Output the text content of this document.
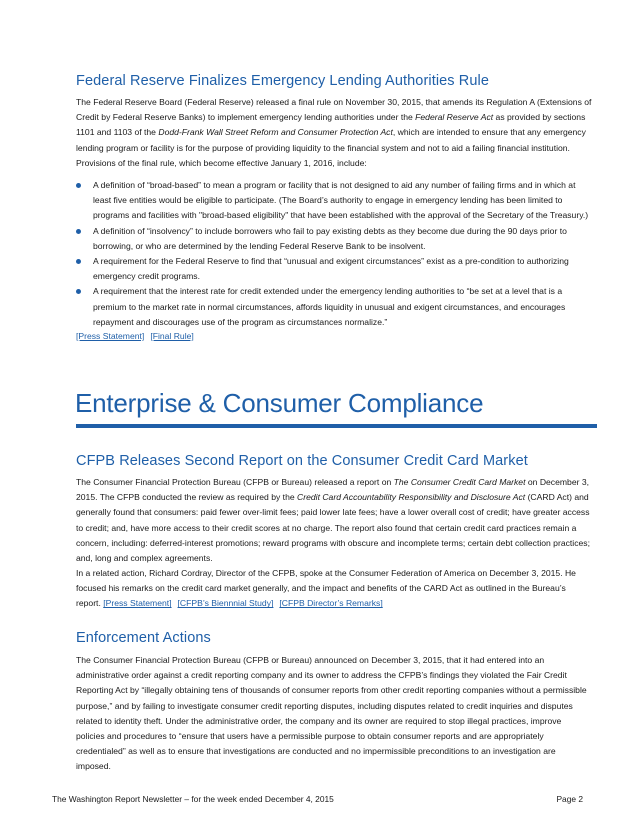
Federal Reserve Finalizes Emergency Lending Authorities Rule

The Federal Reserve Board (Federal Reserve) released a final rule on November 30, 2015, that amends its Regulation A (Extensions of Credit by Federal Reserve Banks) to implement emergency lending authorities under the Federal Reserve Act as provided by sections 1101 and 1103 of the Dodd-Frank Wall Street Reform and Consumer Protection Act, which are intended to ensure that any emergency lending program or facility is for the purpose of providing liquidity to the financial system and not to aid a failing financial institution. Provisions of the final rule, which become effective January 1, 2016, include:

A definition of “broad-based” to mean a program or facility that is not designed to aid any number of failing firms and in which at least five entities would be eligible to participate. (The Board’s authority to engage in emergency lending has been limited to programs and facilities with "broad-based eligibility" that have been established with the approval of the Secretary of the Treasury.)
A definition of “insolvency” to include borrowers who fail to pay existing debts as they become due during the 90 days prior to borrowing, or who are determined by the lending Federal Reserve Bank to be insolvent.
A requirement for the Federal Reserve to find that “unusual and exigent circumstances” exist as a pre-condition to authorizing emergency credit programs.
A requirement that the interest rate for credit extended under the emergency lending authorities to “be set at a level that is a premium to the market rate in normal circumstances, affords liquidity in unusual and exigent circumstances, and encourages repayment and discourages use of the program as circumstances normalize.”
[Press Statement] [Final Rule]
Enterprise & Consumer Compliance
CFPB Releases Second Report on the Consumer Credit Card Market

The Consumer Financial Protection Bureau (CFPB or Bureau) released a report on The Consumer Credit Card Market on December 3, 2015. The CFPB conducted the review as required by the Credit Card Accountability Responsibility and Disclosure Act (CARD Act) and generally found that consumers: paid fewer over-limit fees; paid lower late fees; have a lower overall cost of credit; have greater access to credit; and, have more access to their credit scores at no charge. The report also found that certain credit card practices remain a concern, including: deferred-interest promotions; reward programs with obscure and incomplete terms; certain debt collection practices; and, long and complex agreements.

In a related action, Richard Cordray, Director of the CFPB, spoke at the Consumer Federation of America on December 3, 2015. He focused his remarks on the credit card market generally, and the impact and benefits of the CARD Act as outlined in the Bureau’s report. [Press Statement] [CFPB’s Biennnial Study] [CFPB Director’s Remarks]

Enforcement Actions

The Consumer Financial Protection Bureau (CFPB or Bureau) announced on December 3, 2015, that it had entered into an administrative order against a credit reporting company and its owner to address the CFPB’s findings they violated the Fair Credit Reporting Act by “illegally obtaining tens of thousands of consumer reports from other credit reporting companies without a permissible purpose,” and by failing to investigate consumer credit reporting disputes, including disputes related to credit inquiries and disputes related to identity theft. Under the administrative order, the company and its owner are required to stop illegal practices, improve policies and procedures to “ensure that users have a permissible purpose to obtain consumer reports and are appropriately credentialed” as well as to ensure that investigations are conducted and no impermissible preconditions to an investigation are imposed.

The Washington Report Newsletter – for the week ended December 4, 2015	Page 2
